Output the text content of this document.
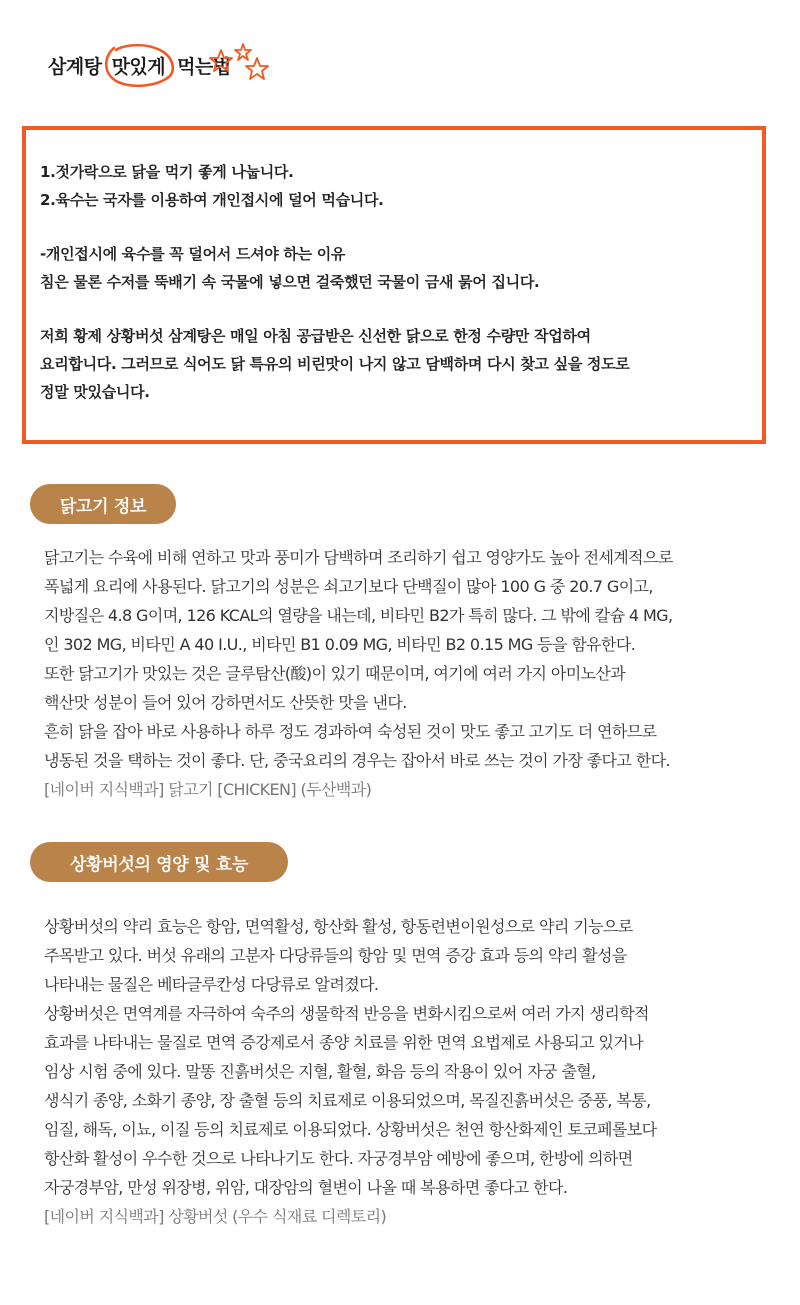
삼계탕 맛있게 먹는법
1.젓가락으로 닭을 먹기 좋게 나눕니다.
2.육수는 국자를 이용하여 개인접시에 덜어 먹습니다.
-개인접시에 육수를 꼭 덜어서 드셔야 하는 이유
침은 물론 수저를 뚝배기 속 국물에 넣으면 걸죽했던 국물이 금새 묽어 집니다.
저희 황제 상황버섯 삼계탕은 매일 아침 공급받은 신선한 닭으로 한정 수량만 작업하여
요리합니다. 그러므로 식어도 닭 특유의 비린맛이 나지 않고 담백하며 다시 찾고 싶을 정도로
정말 맛있습니다.
닭고기 정보
닭고기는 수육에 비해 연하고 맛과 풍미가 담백하며 조리하기 쉽고 영양가도 높아 전세계적으로
폭넓게 요리에 사용된다. 닭고기의 성분은 쇠고기보다 단백질이 많아 100 G 중 20.7 G이고,
지방질은 4.8 G이며, 126 KCAL의 열량을 내는데, 비타민 B2가 특히 많다. 그 밖에 칼슘 4 MG,
인 302 MG, 비타민 A 40 I.U., 비타민 B1 0.09 MG, 비타민 B2 0.15 MG 등을 함유한다.
또한 닭고기가 맛있는 것은 글루탐산(酸)이 있기 때문이며, 여기에 여러 가지 아미노산과
핵산맛 성분이 들어 있어 강하면서도 산뜻한 맛을 낸다.
흔히 닭을 잡아 바로 사용하나 하루 정도 경과하여 숙성된 것이 맛도 좋고 고기도 더 연하므로
냉동된 것을 택하는 것이 좋다. 단, 중국요리의 경우는 잡아서 바로 쓰는 것이 가장 좋다고 한다.
[네이버 지식백과] 닭고기 [CHICKEN] (두산백과)
상황버섯의 영양 및 효능
상황버섯의 약리 효능은 항암, 면역활성, 항산화 활성, 항동련변이원성으로 약리 기능으로
주목받고 있다. 버섯 유래의 고분자 다당류들의 항암 및 면역 증강 효과 등의 약리 활성을
나타내는 물질은 베타글루칸성 다당류로 알려졌다.
상황버섯은 면역계를 자극하여 숙주의 생물학적 반응을 변화시킴으로써 여러 가지 생리학적
효과를 나타내는 물질로 면역 증강제로서 종양 치료를 위한 면역 요법제로 사용되고 있거나
임상 시험 중에 있다. 말똥 진흙버섯은 지혈, 활혈, 화음 등의 작용이 있어 자궁 출혈,
생식기 종양, 소화기 종양, 장 출혈 등의 치료제로 이용되었으며, 목질진흙버섯은 중풍, 복통,
임질, 해독, 이뇨, 이질 등의 치료제로 이용되었다. 상황버섯은 천연 항산화제인 토코페롤보다
항산화 활성이 우수한 것으로 나타나기도 한다. 자궁경부암 예방에 좋으며, 한방에 의하면
자궁경부암, 만성 위장병, 위암, 대장암의 혈변이 나올 때 복용하면 좋다고 한다.
[네이버 지식백과] 상황버섯 (우수 식재료 디렉토리)
